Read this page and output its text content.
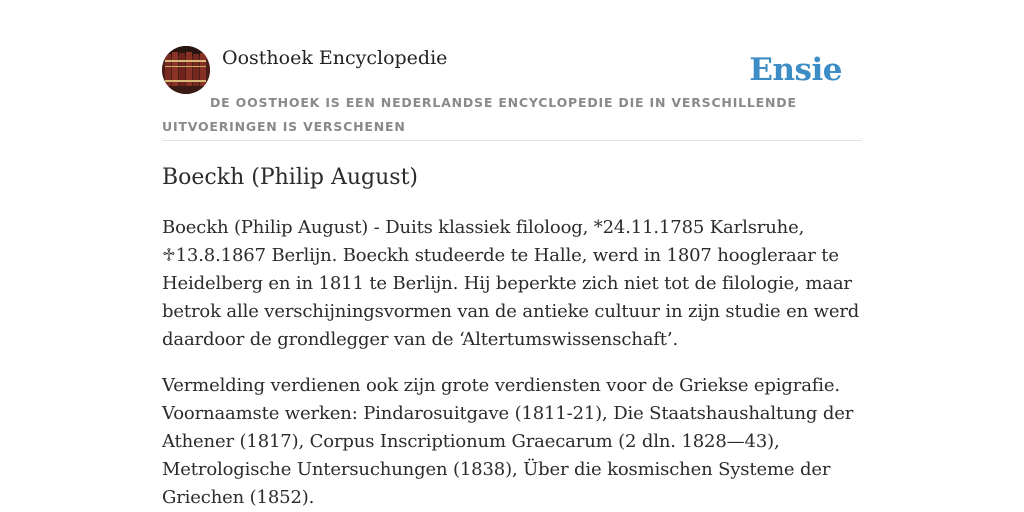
Oosthoek Encyclopedie	Ensie
DE OOSTHOEK IS EEN NEDERLANDSE ENCYCLOPEDIE DIE IN VERSCHILLENDE UITVOERINGEN IS VERSCHENEN
Boeckh (Philip August)

Boeckh (Philip August) - Duits klassiek filoloog, *24.11.1785 Karlsruhe, ♱13.8.1867 Berlijn. Boeckh studeerde te Halle, werd in 1807 hoogleraar te Heidelberg en in 1811 te Berlijn. Hij beperkte zich niet tot de filologie, maar betrok alle verschijningsvormen van de antieke cultuur in zijn studie en werd daardoor de grondlegger van de ‘Altertumswissenschaft’.

Vermelding verdienen ook zijn grote verdiensten voor de Griekse epigrafie. Voornaamste werken: Pindarosuitgave (1811-21), Die Staatshaushaltung der Athener (1817), Corpus Inscriptionum Graecarum (2 dln. 1828—43), Metrologische Untersuchungen (1838), Über die kosmischen Systeme der Griechen (1852).
